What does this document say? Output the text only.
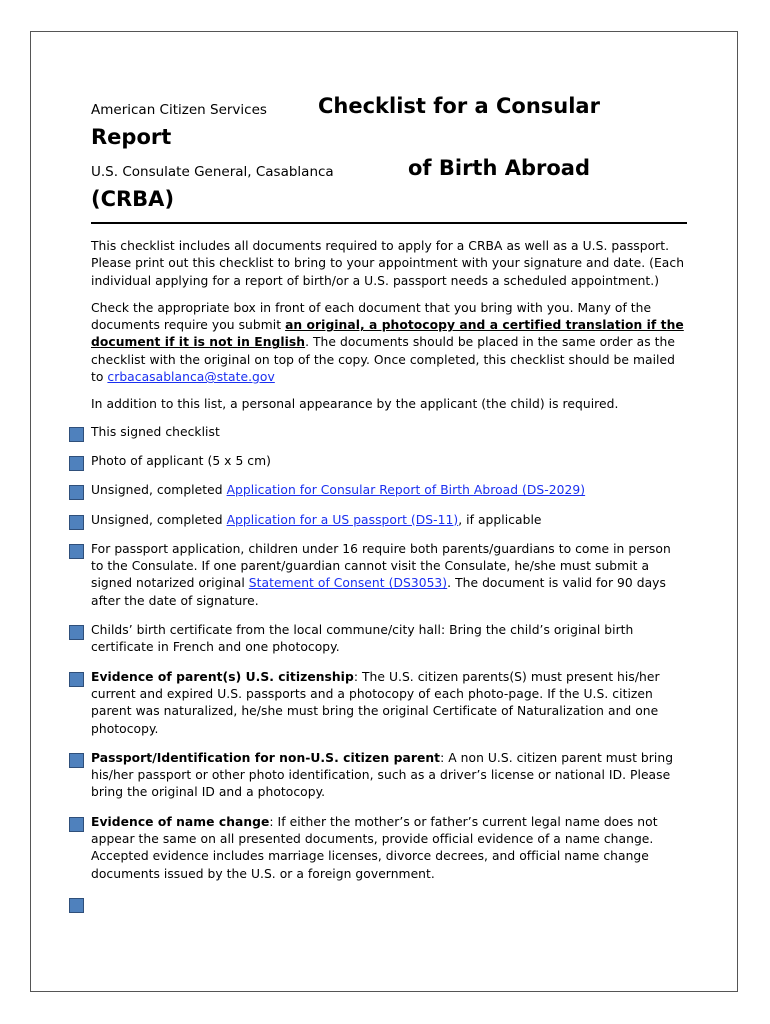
American Citizen Services Checklist for a Consular
Report
U.S. Consulate General, Casablanca	of Birth Abroad
(CRBA)

This checklist includes all documents required to apply for a CRBA as well as a U.S. passport. Please print out this checklist to bring to your appointment with your signature and date. (Each individual applying for a report of birth/or a U.S. passport needs a scheduled appointment.)

Check the appropriate box in front of each document that you bring with you. Many of the documents require you submit an original, a photocopy and a certified translation if the document if it is not in English. The documents should be placed in the same order as the checklist with the original on top of the copy. Once completed, this checklist should be mailed to crbacasablanca@state.gov

In addition to this list, a personal appearance by the applicant (the child) is required.

This signed checklist

Photo of applicant (5 x 5 cm)

Unsigned, completed Application for Consular Report of Birth Abroad (DS-2029)

Unsigned, completed Application for a US passport (DS-11), if applicable

For passport application, children under 16 require both parents/guardians to come in person to the Consulate. If one parent/guardian cannot visit the Consulate, he/she must submit a signed notarized original Statement of Consent (DS3053). The document is valid for 90 days after the date of signature.

Childs’ birth certificate from the local commune/city hall: Bring the child’s original birth certificate in French and one photocopy.

Evidence of parent(s) U.S. citizenship: The U.S. citizen parents(S) must present his/her current and expired U.S. passports and a photocopy of each photo-page. If the U.S. citizen parent was naturalized, he/she must bring the original Certificate of Naturalization and one photocopy.

Passport/Identification for non-U.S. citizen parent: A non U.S. citizen parent must bring his/her passport or other photo identification, such as a driver’s license or national ID. Please bring the original ID and a photocopy.

Evidence of name change: If either the mother’s or father’s current legal name does not appear the same on all presented documents, provide official evidence of a name change. Accepted evidence includes marriage licenses, divorce decrees, and official name change documents issued by the U.S. or a foreign government.
